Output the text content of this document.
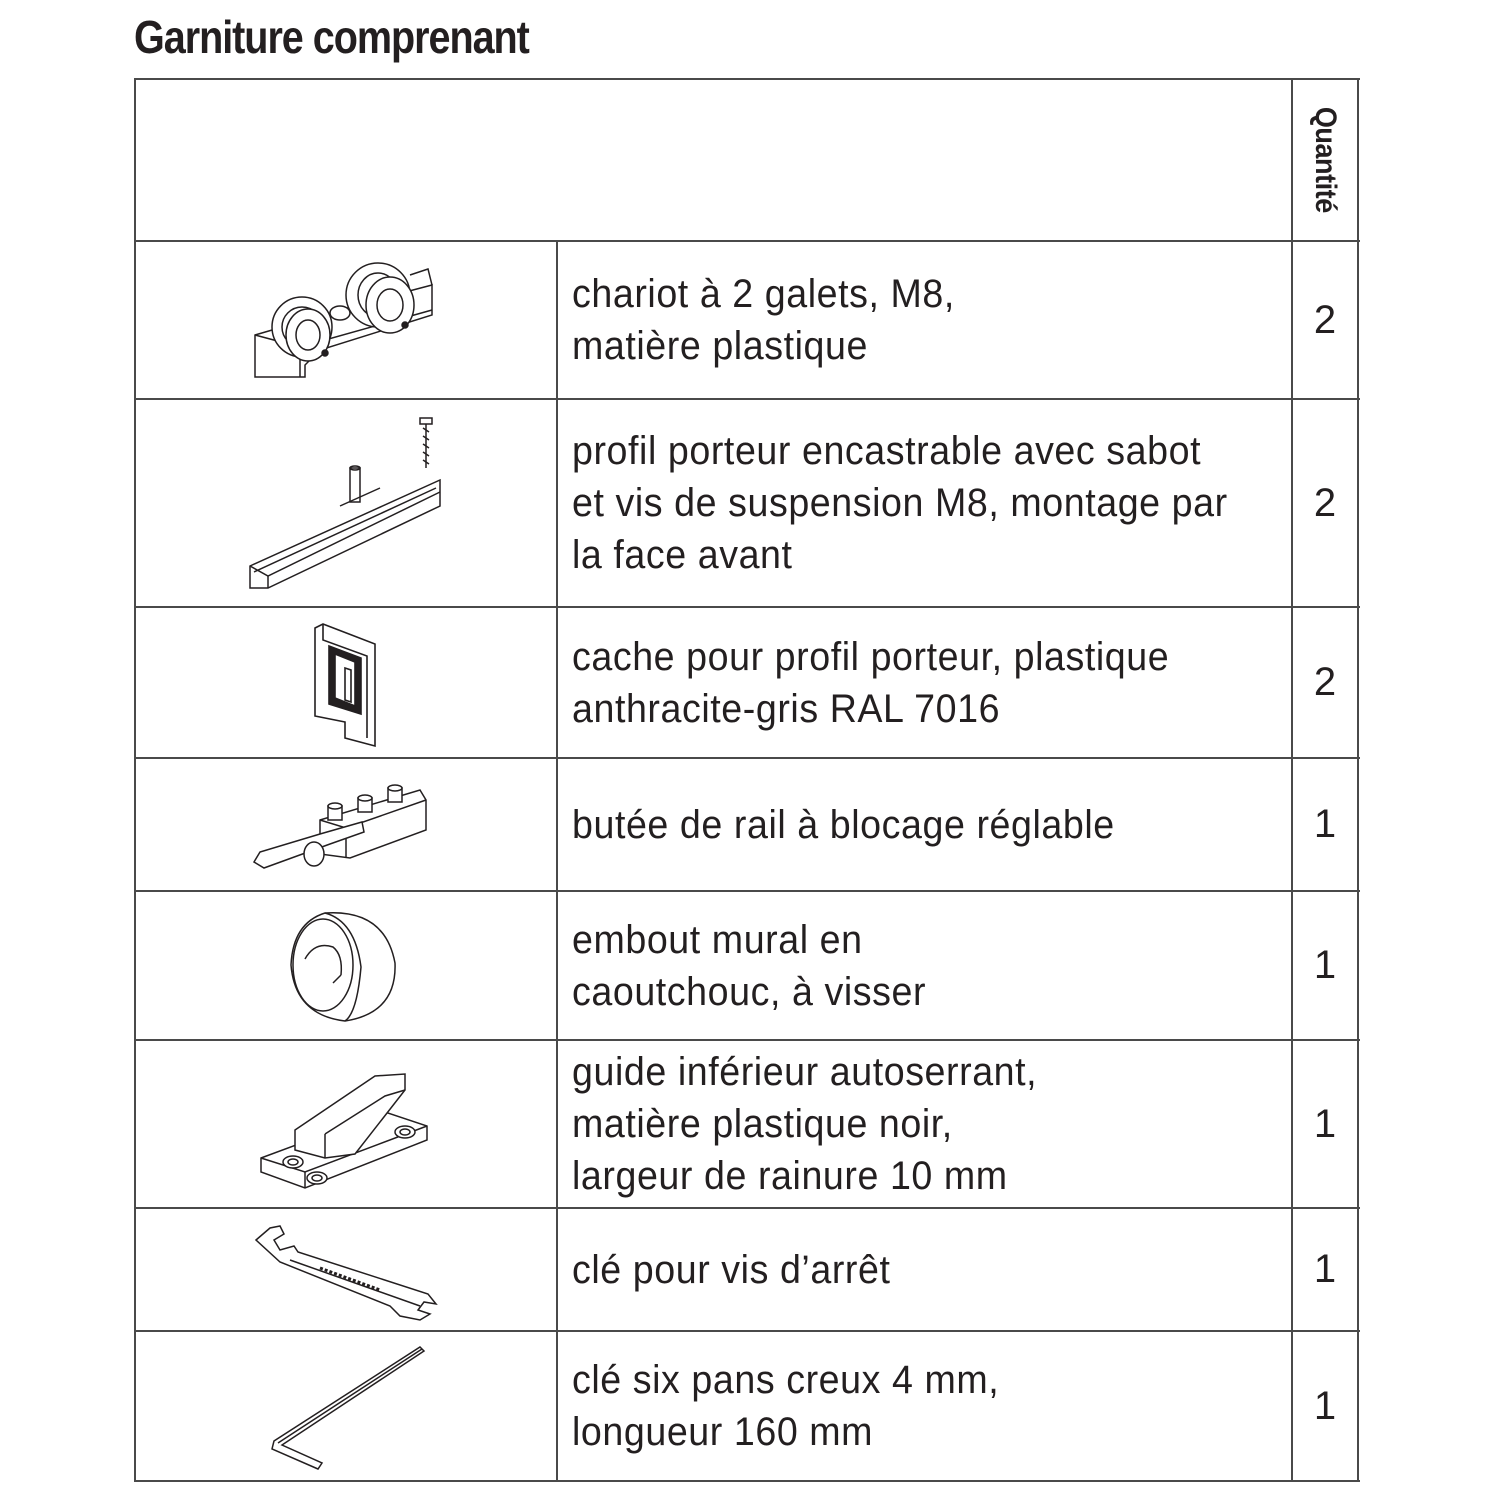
Garniture comprenant
Quantité
chariot à 2 galets, M8,
matière plastique
2
profil porteur encastrable avec sabot
et vis de suspension M8, montage par
la face avant
2
cache pour profil porteur, plastique
anthracite-gris RAL 7016
2
butée de rail à blocage réglable	1
embout mural en
caoutchouc, à visser
1
guide inférieur autoserrant,
matière plastique noir,
largeur de rainure 10 mm
1
clé pour vis d’arrêt	1
clé six pans creux 4 mm,
longueur 160 mm
1
